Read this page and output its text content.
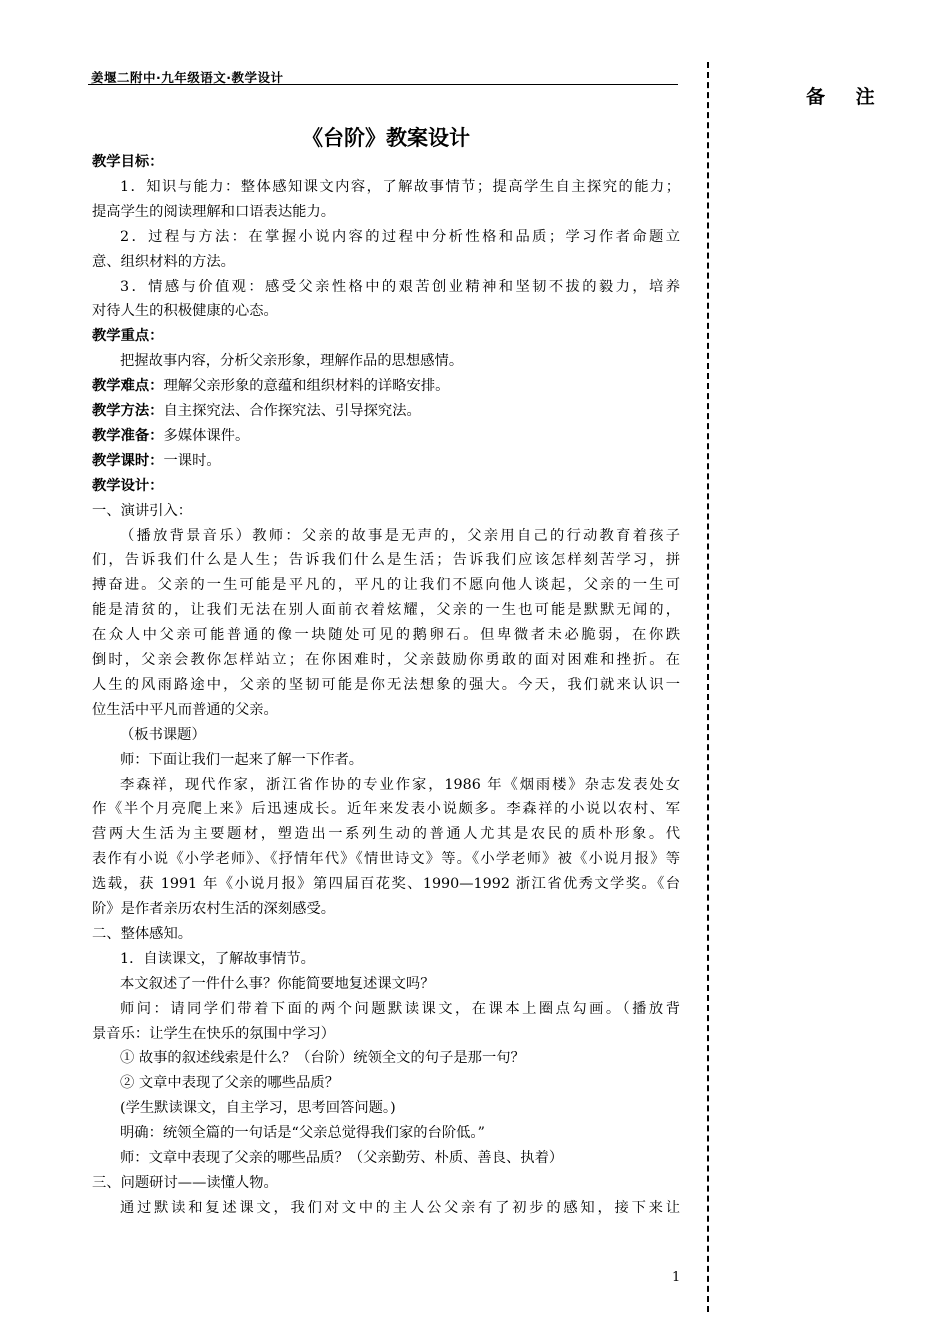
姜堰二附中·九年级语文·教学设计
备 注
《台阶》教案设计
教学目标：
1．知识与能力：整体感知课文内容，了解故事情节；提高学生自主探究的能力；
提高学生的阅读理解和口语表达能力。
2．过程与方法：在掌握小说内容的过程中分析性格和品质；学习作者命题立
意、组织材料的方法。
3．情感与价值观：感受父亲性格中的艰苦创业精神和坚韧不拔的毅力，培养
对待人生的积极健康的心态。
教学重点：
把握故事内容，分析父亲形象，理解作品的思想感情。
教学难点：理解父亲形象的意蕴和组织材料的详略安排。
教学方法：自主探究法、合作探究法、引导探究法。
教学准备：多媒体课件。
教学课时：一课时。
教学设计：
一、演讲引入：
（播放背景音乐）教师：父亲的故事是无声的，父亲用自己的行动教育着孩子
们，告诉我们什么是人生；告诉我们什么是生活；告诉我们应该怎样刻苦学习，拼
搏奋进。父亲的一生可能是平凡的，平凡的让我们不愿向他人谈起，父亲的一生可
能是清贫的，让我们无法在别人面前衣着炫耀，父亲的一生也可能是默默无闻的，
在众人中父亲可能普通的像一块随处可见的鹅卵石。但卑微者未必脆弱，在你跌
倒时，父亲会教你怎样站立；在你困难时，父亲鼓励你勇敢的面对困难和挫折。在
人生的风雨路途中，父亲的坚韧可能是你无法想象的强大。今天，我们就来认识一
位生活中平凡而普通的父亲。
（板书课题）
师：下面让我们一起来了解一下作者。
李森祥，现代作家，浙江省作协的专业作家，1986 年《烟雨楼》杂志发表处女
作《半个月亮爬上来》后迅速成长。近年来发表小说颇多。李森祥的小说以农村、军
营两大生活为主要题材，塑造出一系列生动的普通人尤其是农民的质朴形象。代
表作有小说《小学老师》、《抒情年代》《情世诗文》等。《小学老师》被《小说月报》等
选载，获 1991 年《小说月报》第四届百花奖、1990—1992 浙江省优秀文学奖。《台
阶》是作者亲历农村生活的深刻感受。
二、整体感知。
1．自读课文，了解故事情节。
本文叙述了一件什么事？你能简要地复述课文吗？
师问：请同学们带着下面的两个问题默读课文，在课本上圈点勾画。（播放背
景音乐：让学生在快乐的氛围中学习）
① 故事的叙述线索是什么？（台阶）统领全文的句子是那一句？
② 文章中表现了父亲的哪些品质？
(学生默读课文，自主学习，思考回答问题。)
明确：统领全篇的一句话是“父亲总觉得我们家的台阶低。”
师：文章中表现了父亲的哪些品质？（父亲勤劳、朴质、善良、执着）
三、问题研讨——读懂人物。
通过默读和复述课文，我们对文中的主人公父亲有了初步的感知，接下来让
1
